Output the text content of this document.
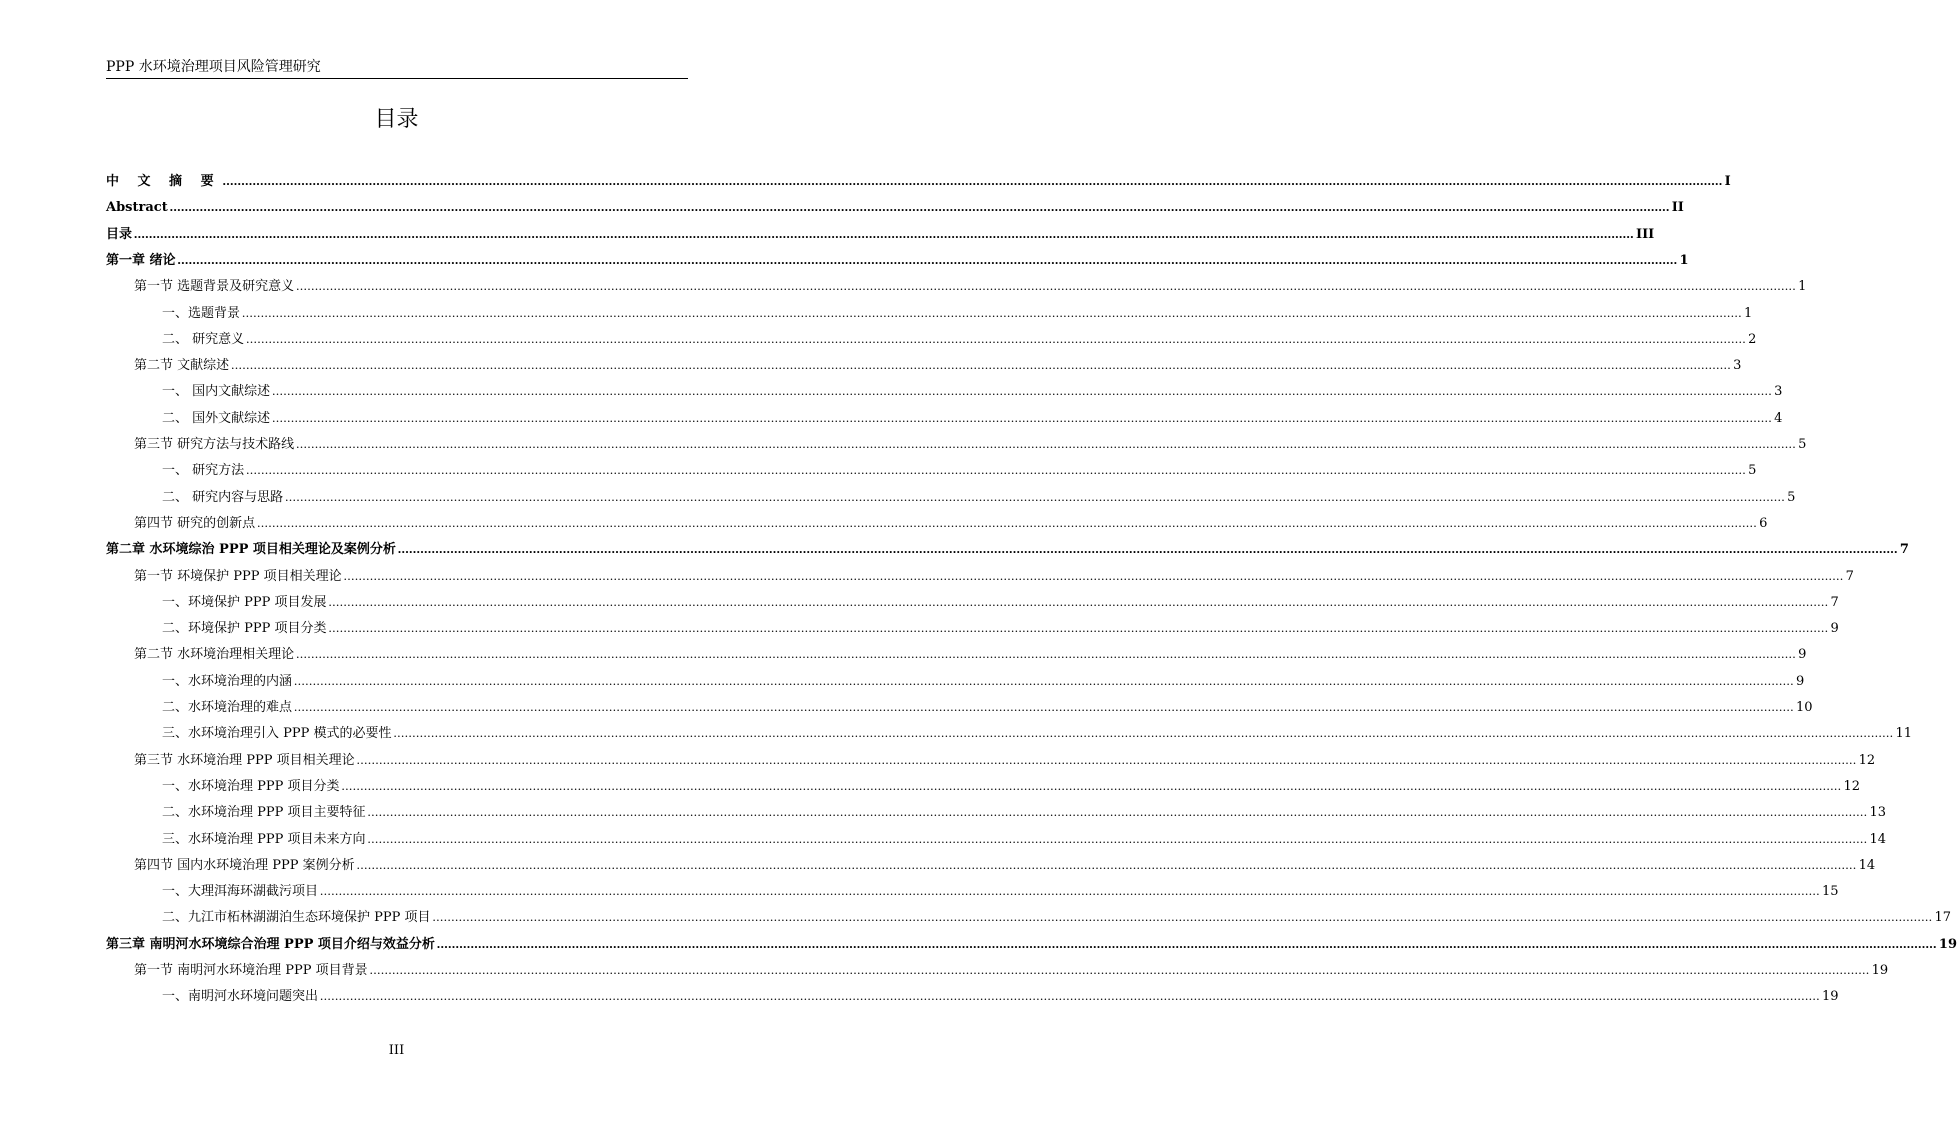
PPP 水环境治理项目风险管理研究
目录
中 文 摘 要 ................................................................................................................................................................................................................................................................................................................................................................................................................ I
Abstract ................................................................................................................................................................................................................................................................................................................................................................................................................ II
目录 ................................................................................................................................................................................................................................................................................................................................................................................................................ III
第一章 绪论 ................................................................................................................................................................................................................................................................................................................................................................................................................ 1
第一节 选题背景及研究意义 ................................................................................................................................................................................................................................................................................................................................................................................................................ 1
一、选题背景 ................................................................................................................................................................................................................................................................................................................................................................................................................ 1
二、 研究意义 ................................................................................................................................................................................................................................................................................................................................................................................................................ 2
第二节 文献综述 ................................................................................................................................................................................................................................................................................................................................................................................................................ 3
一、 国内文献综述 ................................................................................................................................................................................................................................................................................................................................................................................................................ 3
二、 国外文献综述 ................................................................................................................................................................................................................................................................................................................................................................................................................ 4
第三节 研究方法与技术路线 ................................................................................................................................................................................................................................................................................................................................................................................................................ 5
一、 研究方法 ................................................................................................................................................................................................................................................................................................................................................................................................................ 5
二、 研究内容与思路 ................................................................................................................................................................................................................................................................................................................................................................................................................ 5
第四节 研究的创新点 ................................................................................................................................................................................................................................................................................................................................................................................................................ 6
第二章 水环境综治 PPP 项目相关理论及案例分析 ................................................................................................................................................................................................................................................................................................................................................................................................................ 7
第一节 环境保护 PPP 项目相关理论 ................................................................................................................................................................................................................................................................................................................................................................................................................ 7
一、环境保护 PPP 项目发展 ................................................................................................................................................................................................................................................................................................................................................................................................................ 7
二、环境保护 PPP 项目分类 ................................................................................................................................................................................................................................................................................................................................................................................................................ 9
第二节 水环境治理相关理论 ................................................................................................................................................................................................................................................................................................................................................................................................................ 9
一、水环境治理的内涵 ................................................................................................................................................................................................................................................................................................................................................................................................................ 9
二、水环境治理的难点 ................................................................................................................................................................................................................................................................................................................................................................................................................ 10
三、水环境治理引入 PPP 模式的必要性 ................................................................................................................................................................................................................................................................................................................................................................................................................ 11
第三节 水环境治理 PPP 项目相关理论 ................................................................................................................................................................................................................................................................................................................................................................................................................ 12
一、水环境治理 PPP 项目分类 ................................................................................................................................................................................................................................................................................................................................................................................................................ 12
二、水环境治理 PPP 项目主要特征 ................................................................................................................................................................................................................................................................................................................................................................................................................ 13
三、水环境治理 PPP 项目未来方向 ................................................................................................................................................................................................................................................................................................................................................................................................................ 14
第四节 国内水环境治理 PPP 案例分析 ................................................................................................................................................................................................................................................................................................................................................................................................................ 14
一、大理洱海环湖截污项目 ................................................................................................................................................................................................................................................................................................................................................................................................................ 15
二、九江市柘林湖湖泊生态环境保护 PPP 项目 ................................................................................................................................................................................................................................................................................................................................................................................................................ 17
第三章 南明河水环境综合治理 PPP 项目介绍与效益分析 ................................................................................................................................................................................................................................................................................................................................................................................................................ 19
第一节 南明河水环境治理 PPP 项目背景 ................................................................................................................................................................................................................................................................................................................................................................................................................ 19
一、南明河水环境问题突出 ................................................................................................................................................................................................................................................................................................................................................................................................................ 19
III
